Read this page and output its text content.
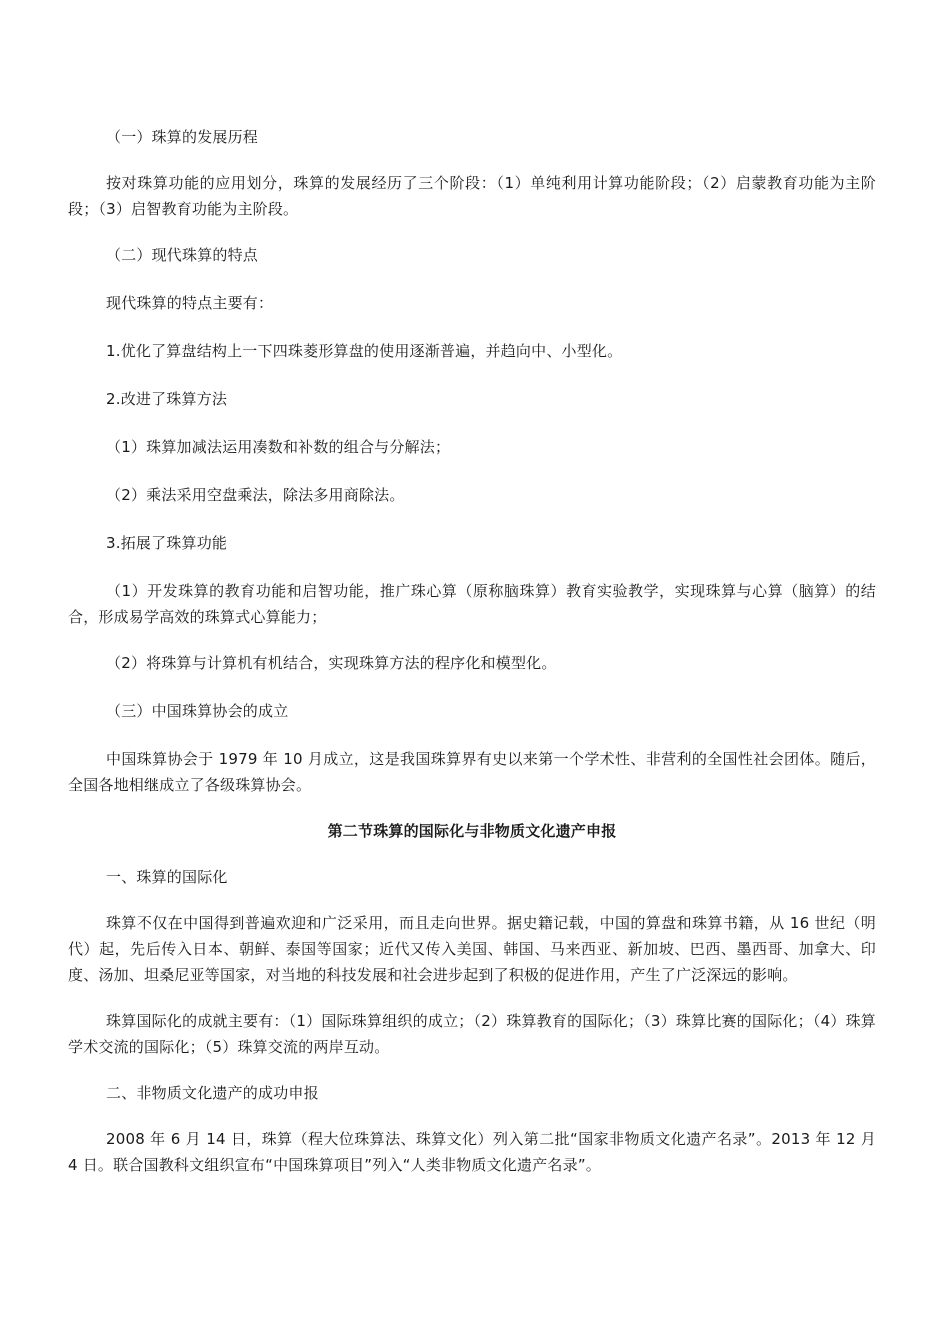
（一）珠算的发展历程

按对珠算功能的应用划分，珠算的发展经历了三个阶段：（1）单纯利用计算功能阶段；（2）启蒙教育功能为主阶段；（3）启智教育功能为主阶段。

（二）现代珠算的特点

现代珠算的特点主要有：

1.优化了算盘结构上一下四珠菱形算盘的使用逐渐普遍，并趋向中、小型化。

2.改进了珠算方法

（1）珠算加减法运用凑数和补数的组合与分解法；

（2）乘法采用空盘乘法，除法多用商除法。

3.拓展了珠算功能

（1）开发珠算的教育功能和启智功能，推广珠心算（原称脑珠算）教育实验教学，实现珠算与心算（脑算）的结合，形成易学高效的珠算式心算能力；

（2）将珠算与计算机有机结合，实现珠算方法的程序化和模型化。

（三）中国珠算协会的成立

中国珠算协会于 1979 年 10 月成立，这是我国珠算界有史以来第一个学术性、非营利的全国性社会团体。随后，全国各地相继成立了各级珠算协会。

第二节珠算的国际化与非物质文化遗产申报

一、珠算的国际化

珠算不仅在中国得到普遍欢迎和广泛采用，而且走向世界。据史籍记载，中国的算盘和珠算书籍，从 16 世纪（明代）起，先后传入日本、朝鲜、泰国等国家；近代又传入美国、韩国、马来西亚、新加坡、巴西、墨西哥、加拿大、印度、汤加、坦桑尼亚等国家，对当地的科技发展和社会进步起到了积极的促进作用，产生了广泛深远的影响。

珠算国际化的成就主要有：（1）国际珠算组织的成立；（2）珠算教育的国际化；（3）珠算比赛的国际化；（4）珠算学术交流的国际化；（5）珠算交流的两岸互动。

二、非物质文化遗产的成功申报

2008 年 6 月 14 日，珠算（程大位珠算法、珠算文化）列入第二批“国家非物质文化遗产名录”。2013 年 12 月 4 日。联合国教科文组织宣布“中国珠算项目”列入“人类非物质文化遗产名录”。
